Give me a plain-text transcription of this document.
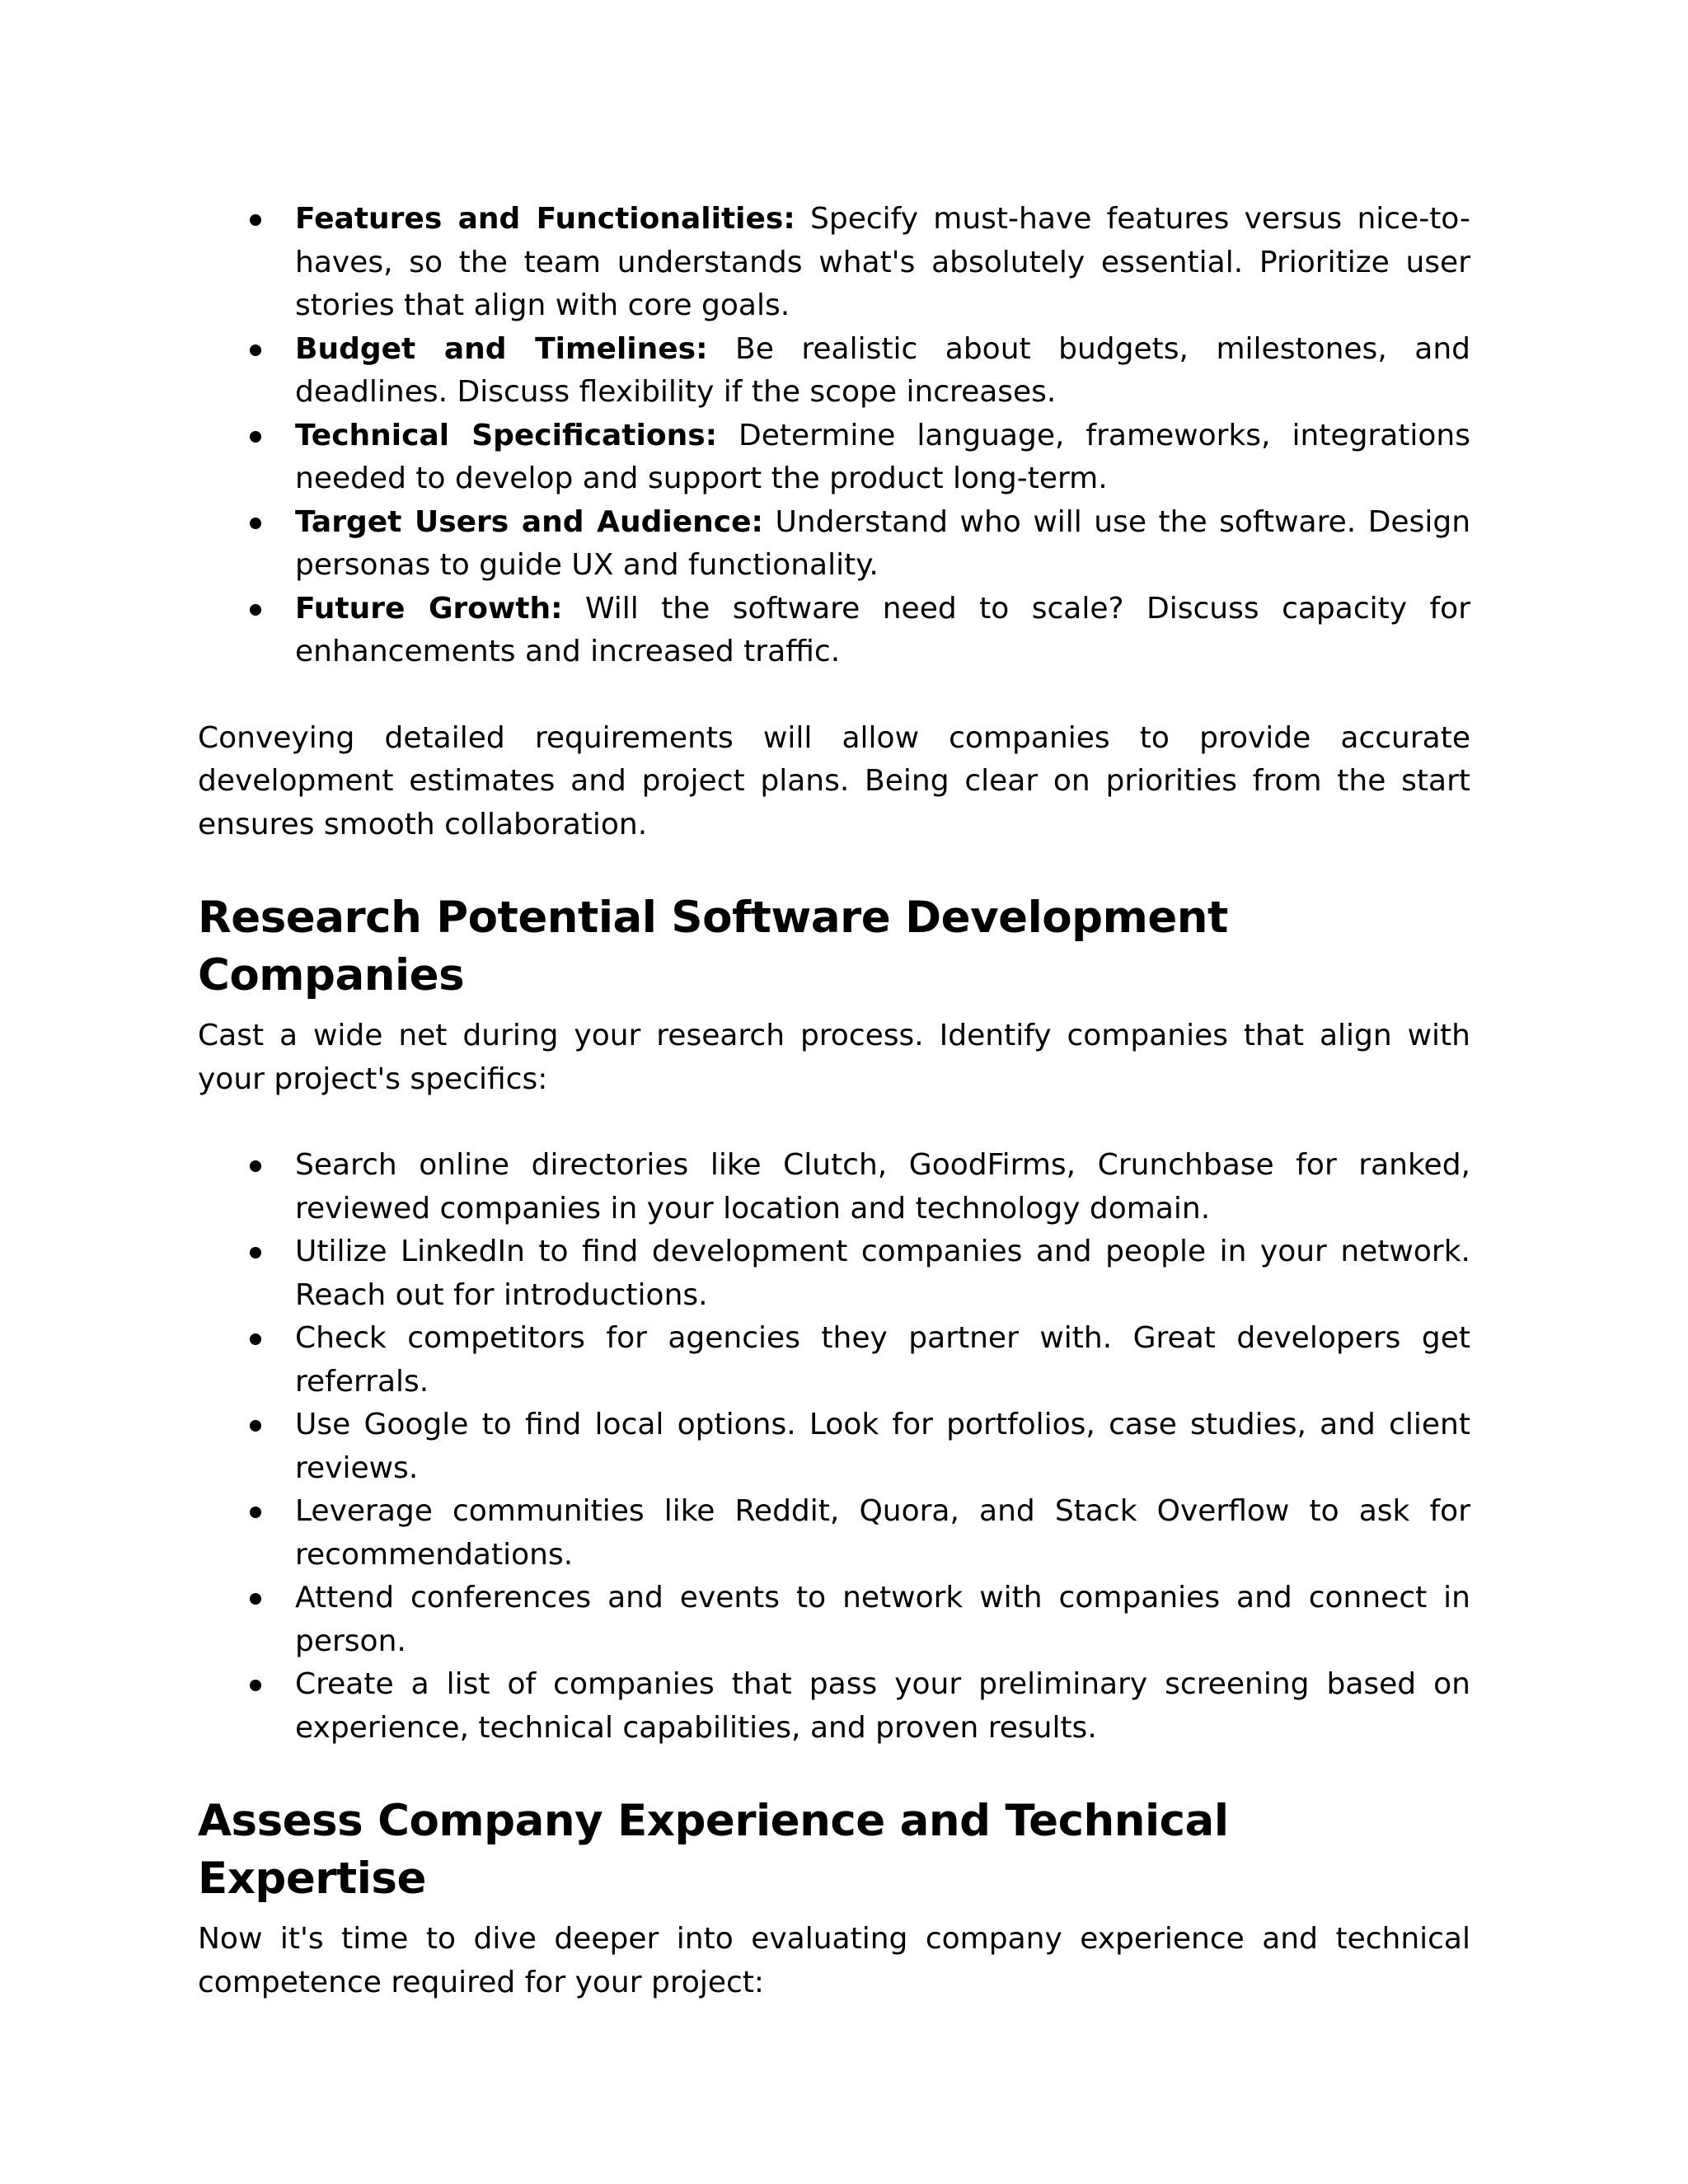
Features and Functionalities: Specify must-have features versus nice-to-haves, so the team understands what's absolutely essential. Prioritize user stories that align with core goals.
Budget and Timelines: Be realistic about budgets, milestones, and deadlines. Discuss flexibility if the scope increases.
Technical Specifications: Determine language, frameworks, integrations needed to develop and support the product long-term.
Target Users and Audience: Understand who will use the software. Design personas to guide UX and functionality.
Future Growth: Will the software need to scale? Discuss capacity for enhancements and increased traffic.

Conveying detailed requirements will allow companies to provide accurate development estimates and project plans. Being clear on priorities from the start ensures smooth collaboration.

Research Potential Software Development Companies

Cast a wide net during your research process. Identify companies that align with your project's specifics:

Search online directories like Clutch, GoodFirms, Crunchbase for ranked, reviewed companies in your location and technology domain.
Utilize LinkedIn to find development companies and people in your network. Reach out for introductions.
Check competitors for agencies they partner with. Great developers get referrals.
Use Google to find local options. Look for portfolios, case studies, and client reviews.
Leverage communities like Reddit, Quora, and Stack Overflow to ask for recommendations.
Attend conferences and events to network with companies and connect in person.
Create a list of companies that pass your preliminary screening based on experience, technical capabilities, and proven results.
Assess Company Experience and Technical Expertise

Now it's time to dive deeper into evaluating company experience and technical competence required for your project:
